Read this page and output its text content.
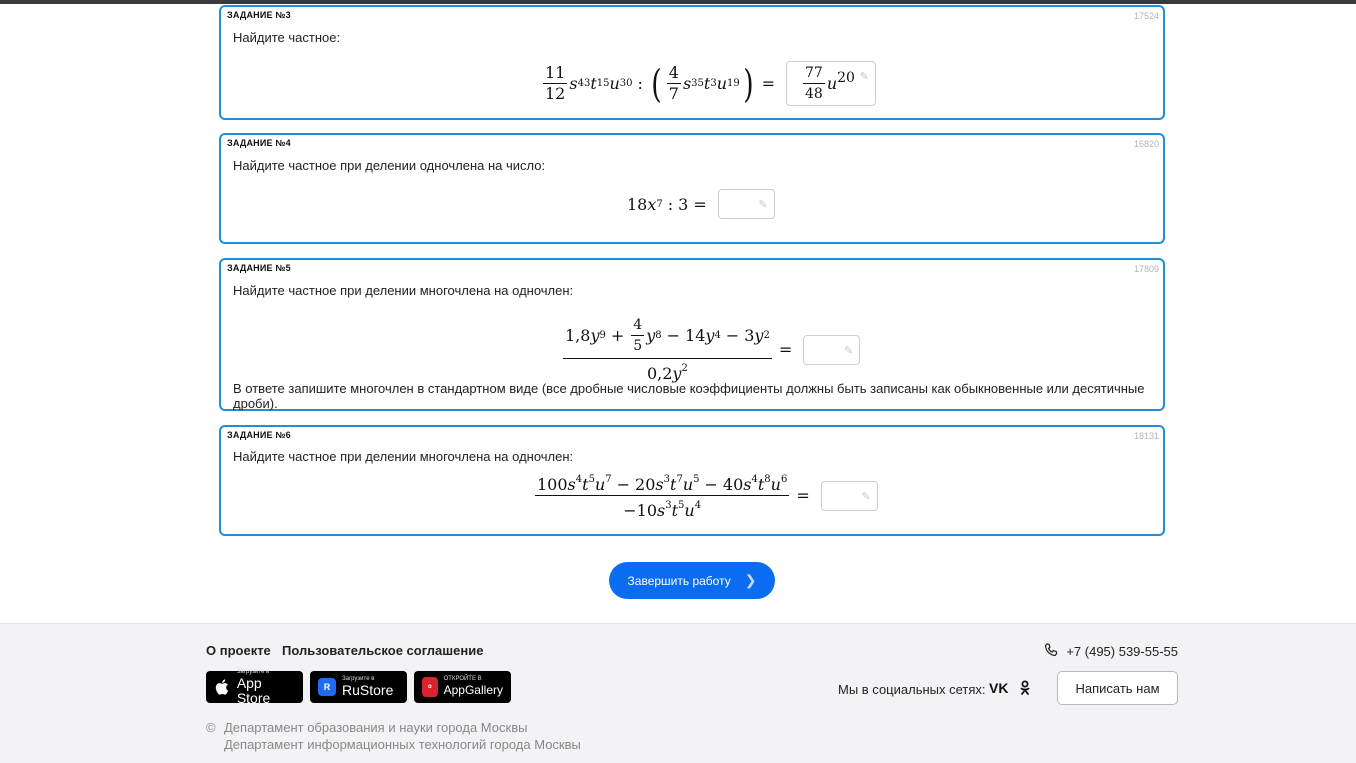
ЗАДАНИЕ №3	17524
Найдите частное:
$\frac{11}{12}$ s 43 t 15 u 30 : ( $\frac{4}{7}$ s 35 t 3 u 19 ) = $\frac{77}{48}$ u 20 ✎
ЗАДАНИЕ №4	16820
Найдите частное при делении одночлена на число:
18 x 7 : 3 =	✎
ЗАДАНИЕ №5	17809
Найдите частное при делении многочлена на одночлен:
$\frac{1,8 y 9 + \frac{4}{5} y 8 - 14 y 4 - 3 y 2}{0,2y^2}$ =	✎
В ответе запишите многочлен в стандартном виде (все дробные числовые коэффициенты должны быть записаны как обыкновенные или десятичные дроби).
ЗАДАНИЕ №6	18131
Найдите частное при делении многочлена на одночлен:
$\frac{100s^4t^5u^7 - 20s^3t^7u^5 - 40s^4t^8u^6}{-10s^3t^5u^4}$ =	✎
Завершить работу ❯
О проекте Пользовательское соглашение
Загрузите в
App Store
R
Загрузите в
RuStore	✿
ОТКРОЙТЕ В
AppGallery
© Департамент образования и науки города Москвы
Департамент информационных технологий города Москвы
+7 (495) 539-55-55
Мы в социальных сетях: VK	Написать нам
